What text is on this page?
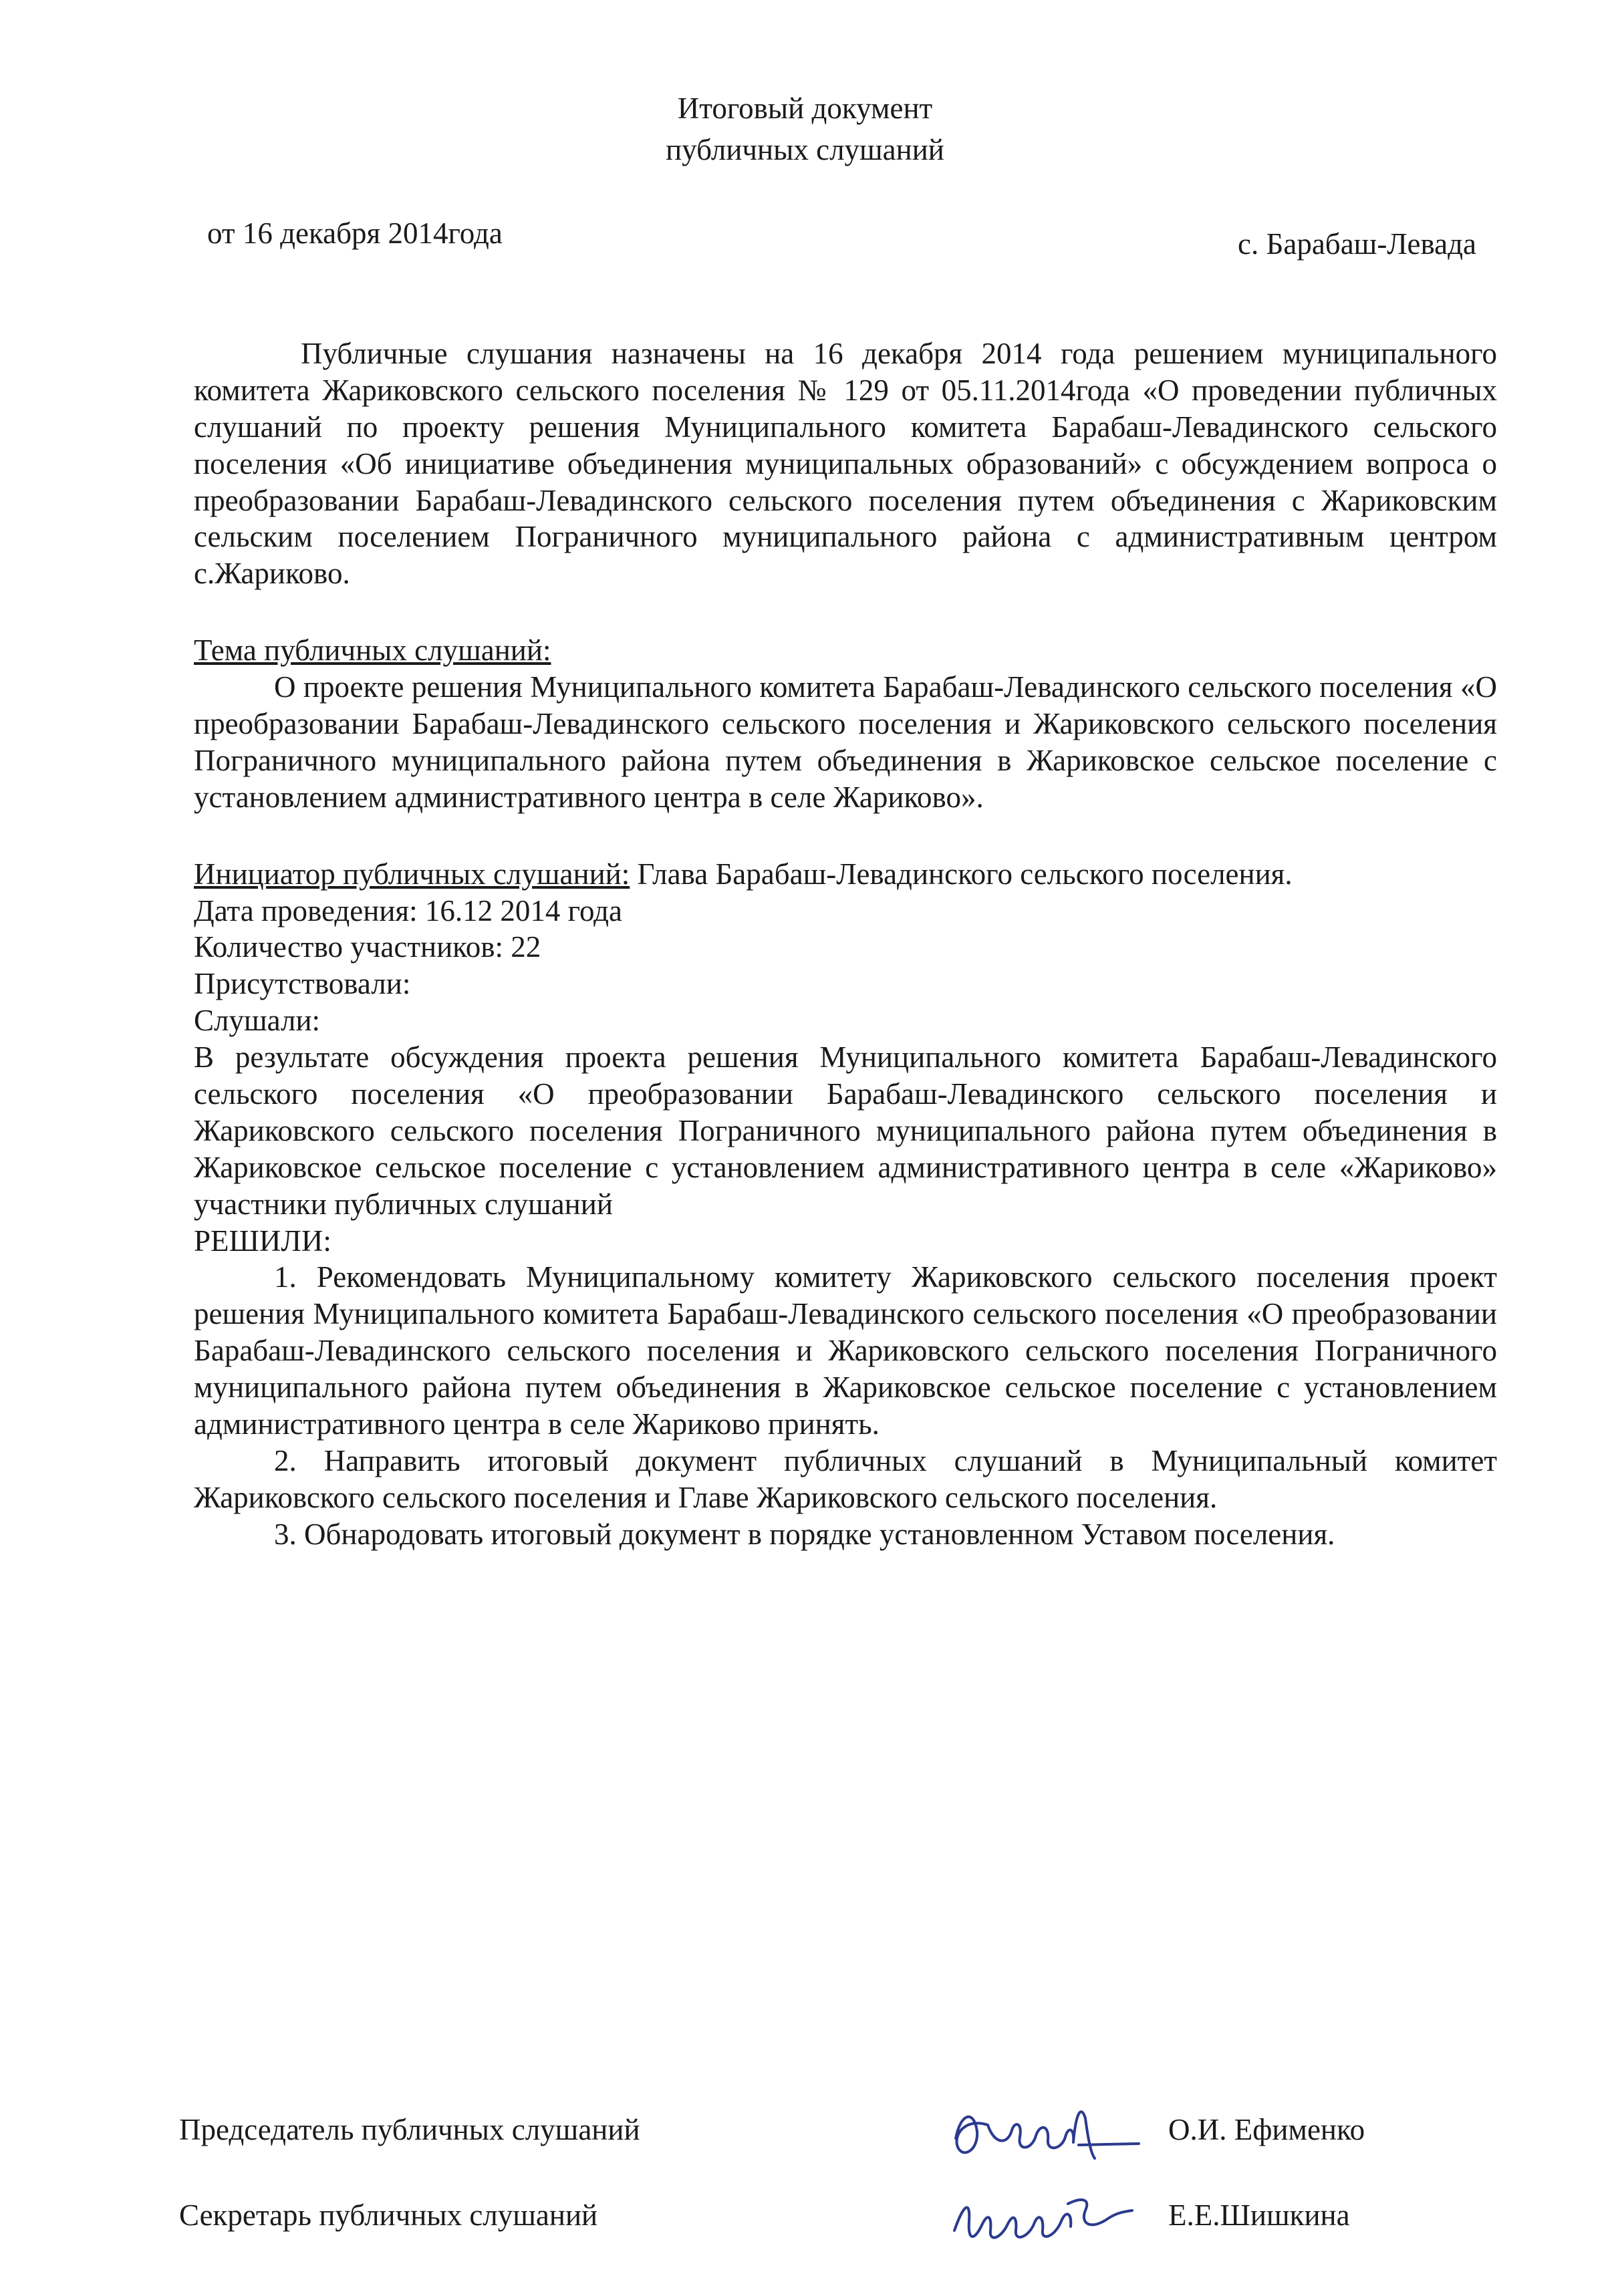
Итоговый документ
публичных слушаний
от 16 декабря 2014года	с. Барабаш-Левада

Публичные слушания назначены на 16 декабря 2014 года решением муниципального комитета Жариковского сельского поселения № 129 от 05.11.2014года «О проведении публичных слушаний по проекту решения Муниципального комитета Барабаш-Левадинского сельского поселения «Об инициативе объединения муниципальных образований» с обсуждением вопроса о преобразовании Барабаш-Левадинского сельского поселения путем объединения с Жариковским сельским поселением Пограничного муниципального района с административным центром с.Жариково.

Тема публичных слушаний:

О проекте решения Муниципального комитета Барабаш-Левадинского сельского поселения «О преобразовании Барабаш-Левадинского сельского поселения и Жариковского сельского поселения Пограничного муниципального района путем объединения в Жариковское сельское поселение с установлением административного центра в селе Жариково».

Инициатор публичных слушаний: Глава Барабаш-Левадинского сельского поселения.

Дата проведения: 16.12 2014 года

Количество участников: 22

Присутствовали:

Слушали:

В результате обсуждения проекта решения Муниципального комитета Барабаш-Левадинского сельского поселения «О преобразовании Барабаш-Левадинского сельского поселения и Жариковского сельского поселения Пограничного муниципального района путем объединения в Жариковское сельское поселение с установлением административного центра в селе «Жариково» участники публичных слушаний

РЕШИЛИ:

1. Рекомендовать Муниципальному комитету Жариковского сельского поселения проект решения Муниципального комитета Барабаш-Левадинского сельского поселения «О преобразовании Барабаш-Левадинского сельского поселения и Жариковского сельского поселения Пограничного муниципального района путем объединения в Жариковское сельское поселение с установлением административного центра в селе Жариково принять.
2. Направить итоговый документ публичных слушаний в Муниципальный комитет Жариковского сельского поселения и Главе Жариковского сельского поселения.
3. Обнародовать итоговый документ в порядке установленном Уставом поселения.
Председатель публичных слушаний	О.И. Ефименко
Секретарь публичных слушаний	Е.Е.Шишкина
